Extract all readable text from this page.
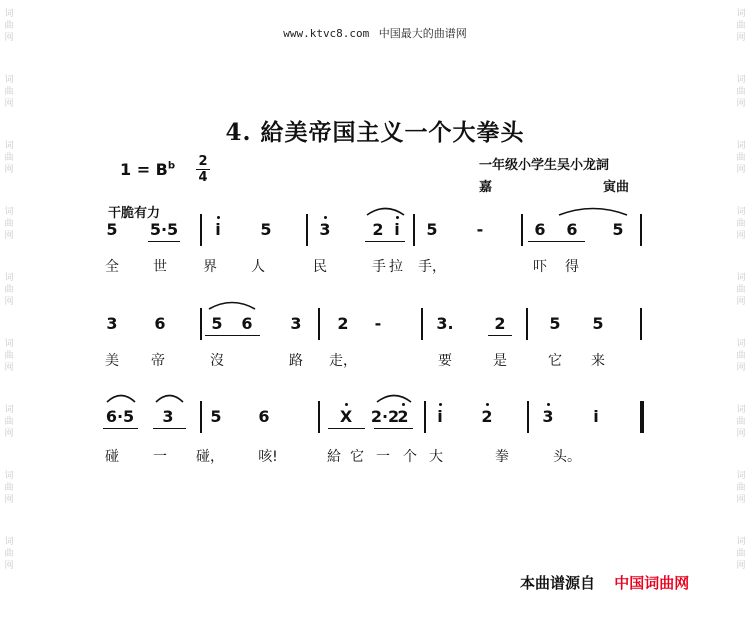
词
曲
网
词
曲
网
词
曲
网
词
曲
网
词
曲
网
词
曲
网
词
曲
网
词
曲
网
词
曲
网
词
曲
网
词
曲
网
词
曲
网
词
曲
网
词
曲
网
词
曲
网
词
曲
网
词
曲
网
词
曲
网
www.ktvc8.com 中国最大的曲谱网
4. 給美帝国主义一个大拳头
$1 = B^b$ 2
4
一年级小学生吴小龙詞
嘉	寅曲
干脆有力
5	5·5	i	5	3	2 i	5	-	6	6	5
全	世	界	人	民	手 拉	手，	吓	得
3	6	5	6	3	2	-	3.	2	5	5
美	帝	沒	路	走，	要	是	它	来
6·5	3	5	6	X	2·2
2	i	2	3	i
碰	一	碰，	咳!	給 它 一 个 大	拳	头。
本曲谱源自 中国词曲网
